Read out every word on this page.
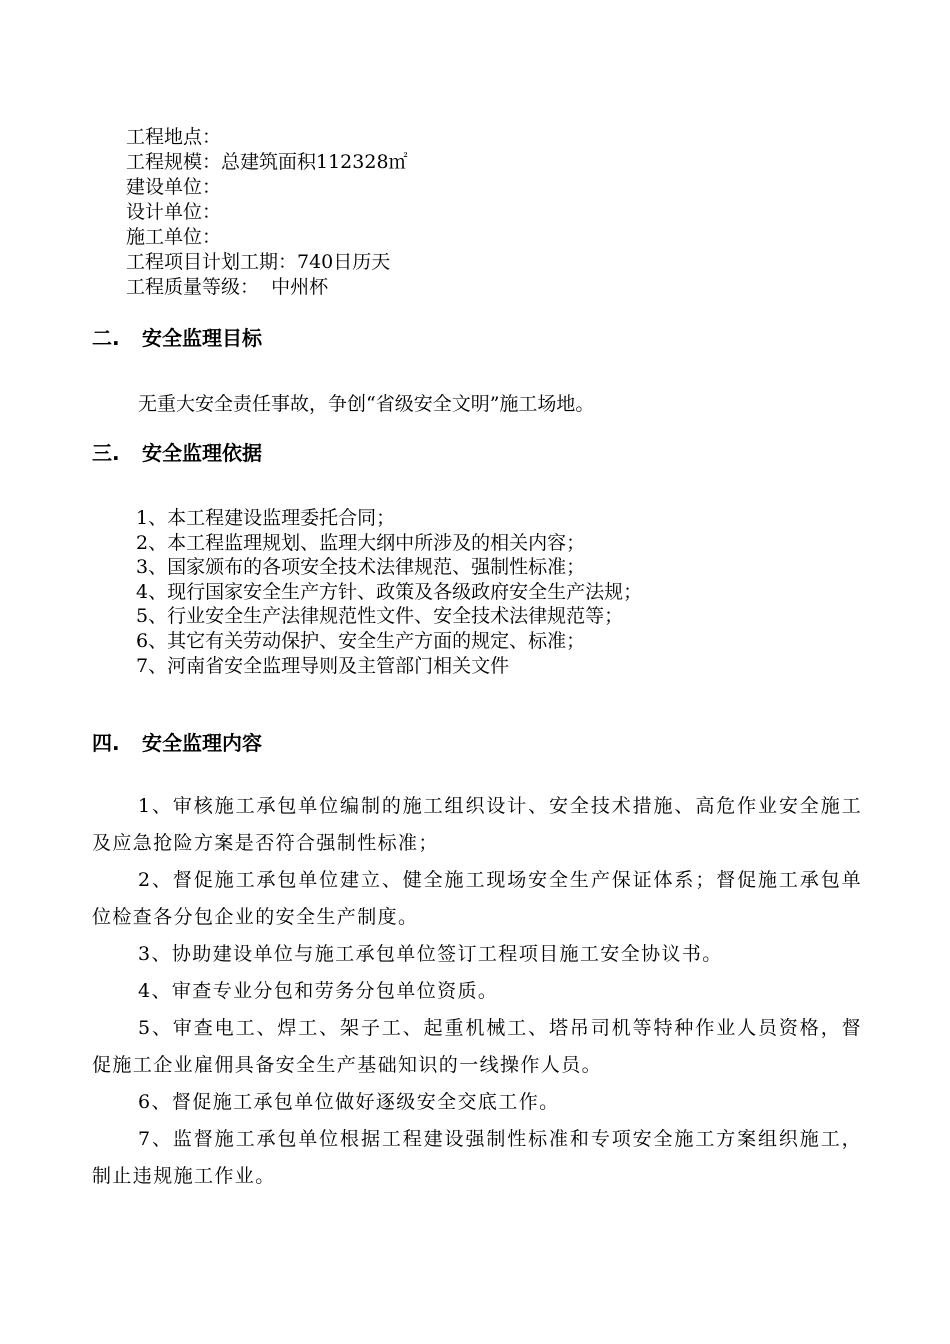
工程地点：
工程规模：总建筑面积112328㎡
建设单位：
设计单位：
施工单位：
工程项目计划工期：740日历天
工程质量等级：  中州杯
二. 安全监理目标
无重大安全责任事故，争创“省级安全文明”施工场地。
三. 安全监理依据
1、本工程建设监理委托合同；
2、本工程监理规划、监理大纲中所涉及的相关内容；
3、国家颁布的各项安全技术法律规范、强制性标准；
4、现行国家安全生产方针、政策及各级政府安全生产法规；
5、行业安全生产法律规范性文件、安全技术法律规范等；
6、其它有关劳动保护、安全生产方面的规定、标准；
7、河南省安全监理导则及主管部门相关文件
四. 安全监理内容
1、审核施工承包单位编制的施工组织设计、安全技术措施、高危作业安全施工及应急抢险方案是否符合强制性标准；
2、督促施工承包单位建立、健全施工现场安全生产保证体系；督促施工承包单位检查各分包企业的安全生产制度。
3、协助建设单位与施工承包单位签订工程项目施工安全协议书。
4、审查专业分包和劳务分包单位资质。
5、审查电工、焊工、架子工、起重机械工、塔吊司机等特种作业人员资格，督促施工企业雇佣具备安全生产基础知识的一线操作人员。
6、督促施工承包单位做好逐级安全交底工作。
7、监督施工承包单位根据工程建设强制性标准和专项安全施工方案组织施工，制止违规施工作业。
